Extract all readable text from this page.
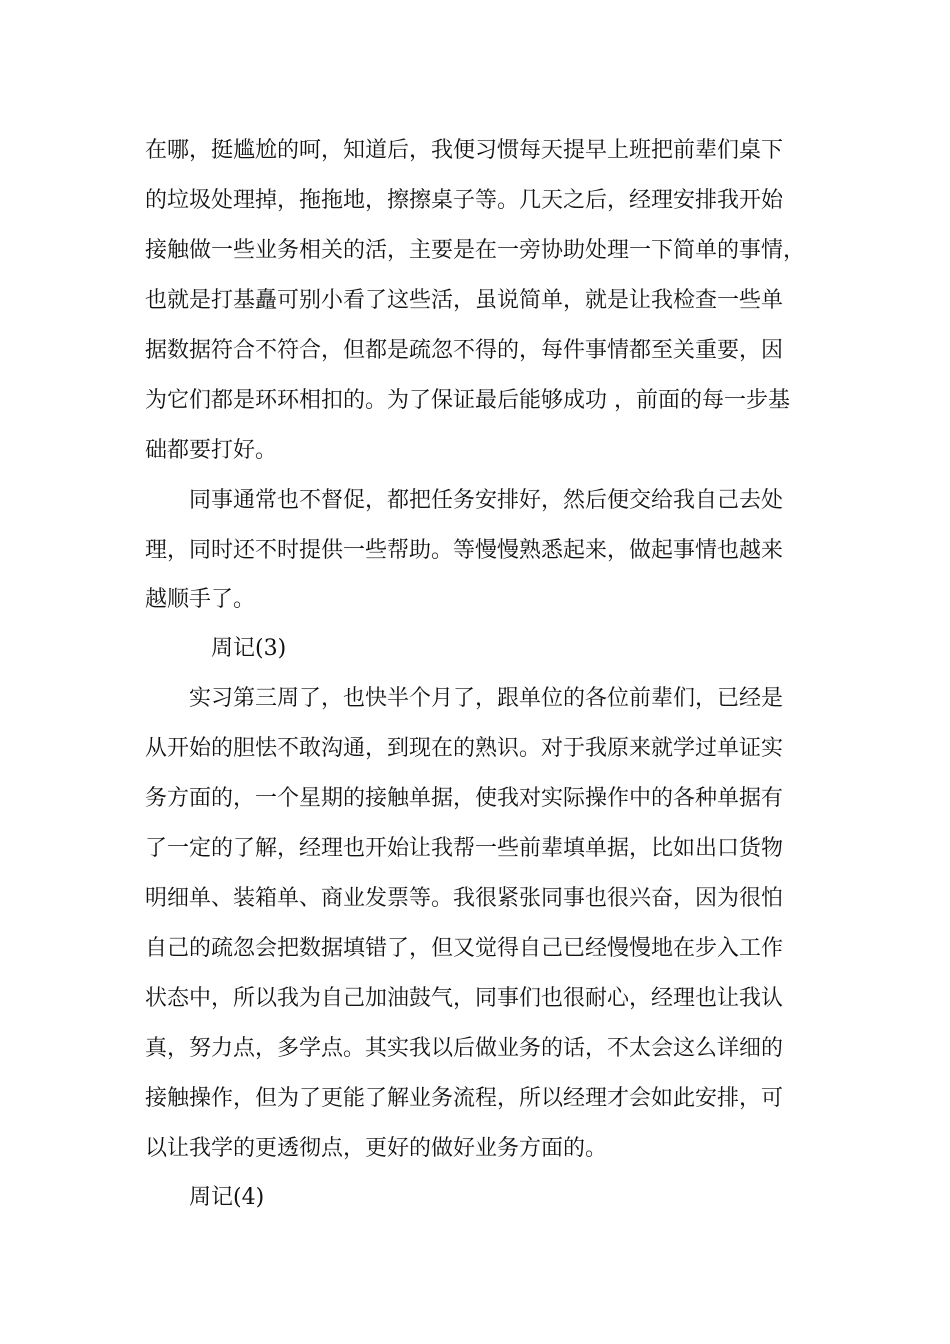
在哪，挺尴尬的呵，知道后，我便习惯每天提早上班把前辈们桌下
的垃圾处理掉，拖拖地，擦擦桌子等。几天之后，经理安排我开始
接触做一些业务相关的活，主要是在一旁协助处理一下简单的事情，
也就是打基矗可别小看了这些活，虽说简单，就是让我检查一些单
据数据符合不符合，但都是疏忽不得的，每件事情都至关重要，因
为它们都是环环相扣的。为了保证最后能够成功 ，前面的每一步基
础都要打好。
同事通常也不督促，都把任务安排好，然后便交给我自己去处
理，同时还不时提供一些帮助。等慢慢熟悉起来，做起事情也越来
越顺手了。
周记(3)
实习第三周了，也快半个月了，跟单位的各位前辈们，已经是
从开始的胆怯不敢沟通，到现在的熟识。对于我原来就学过单证实
务方面的，一个星期的接触单据，使我对实际操作中的各种单据有
了一定的了解，经理也开始让我帮一些前辈填单据，比如出口货物
明细单、装箱单、商业发票等。我很紧张同事也很兴奋，因为很怕
自己的疏忽会把数据填错了，但又觉得自己已经慢慢地在步入工作
状态中，所以我为自己加油鼓气，同事们也很耐心，经理也让我认
真，努力点，多学点。其实我以后做业务的话，不太会这么详细的
接触操作，但为了更能了解业务流程，所以经理才会如此安排，可
以让我学的更透彻点，更好的做好业务方面的。
周记(4)
